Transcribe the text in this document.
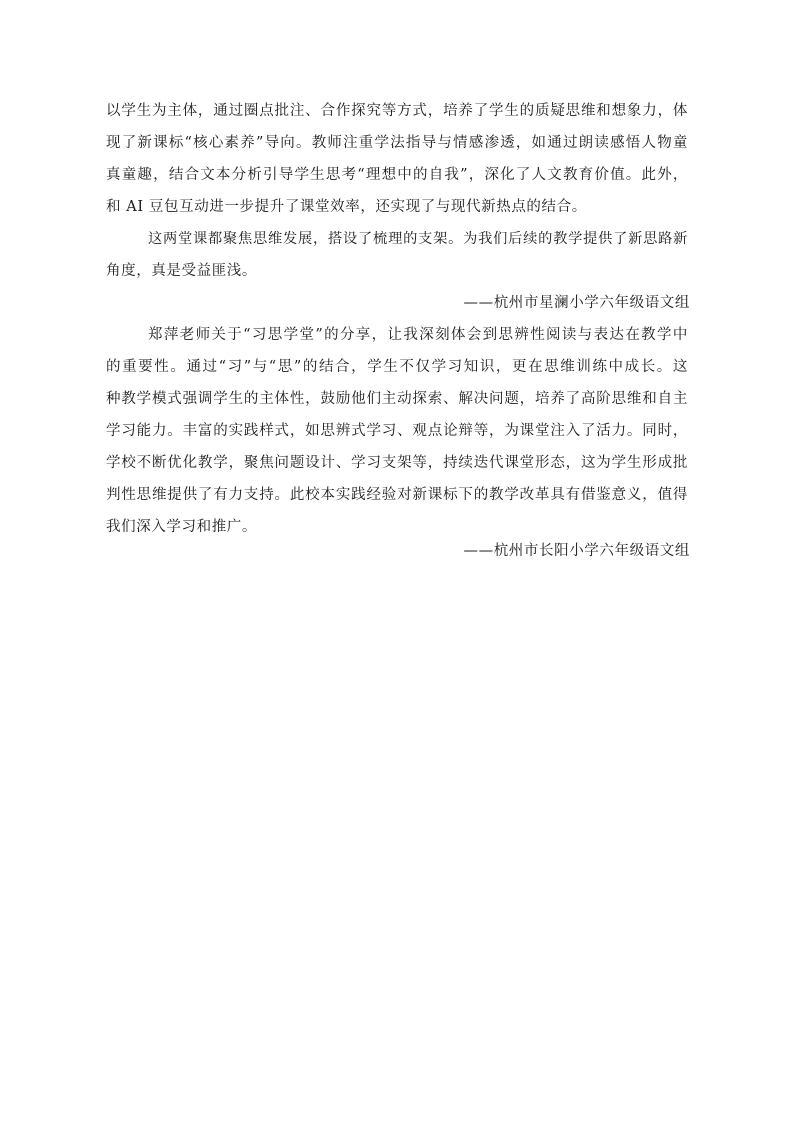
以学生为主体，通过圈点批注、合作探究等方式，培养了学生的质疑思维和想象力，体
现了新课标“核心素养”导向。教师注重学法指导与情感渗透，如通过朗读感悟人物童
真童趣，结合文本分析引导学生思考“理想中的自我”，深化了人文教育价值。此外，
和 AI 豆包互动进一步提升了课堂效率，还实现了与现代新热点的结合。
这两堂课都聚焦思维发展，搭设了梳理的支架。为我们后续的教学提供了新思路新
角度，真是受益匪浅。
——杭州市星澜小学六年级语文组
郑萍老师关于“习思学堂”的分享，让我深刻体会到思辨性阅读与表达在教学中
的重要性。通过“习”与“思”的结合，学生不仅学习知识，更在思维训练中成长。这
种教学模式强调学生的主体性，鼓励他们主动探索、解决问题，培养了高阶思维和自主
学习能力。丰富的实践样式，如思辨式学习、观点论辩等，为课堂注入了活力。同时，
学校不断优化教学，聚焦问题设计、学习支架等，持续迭代课堂形态，这为学生形成批
判性思维提供了有力支持。此校本实践经验对新课标下的教学改革具有借鉴意义，值得
我们深入学习和推广。
——杭州市长阳小学六年级语文组
